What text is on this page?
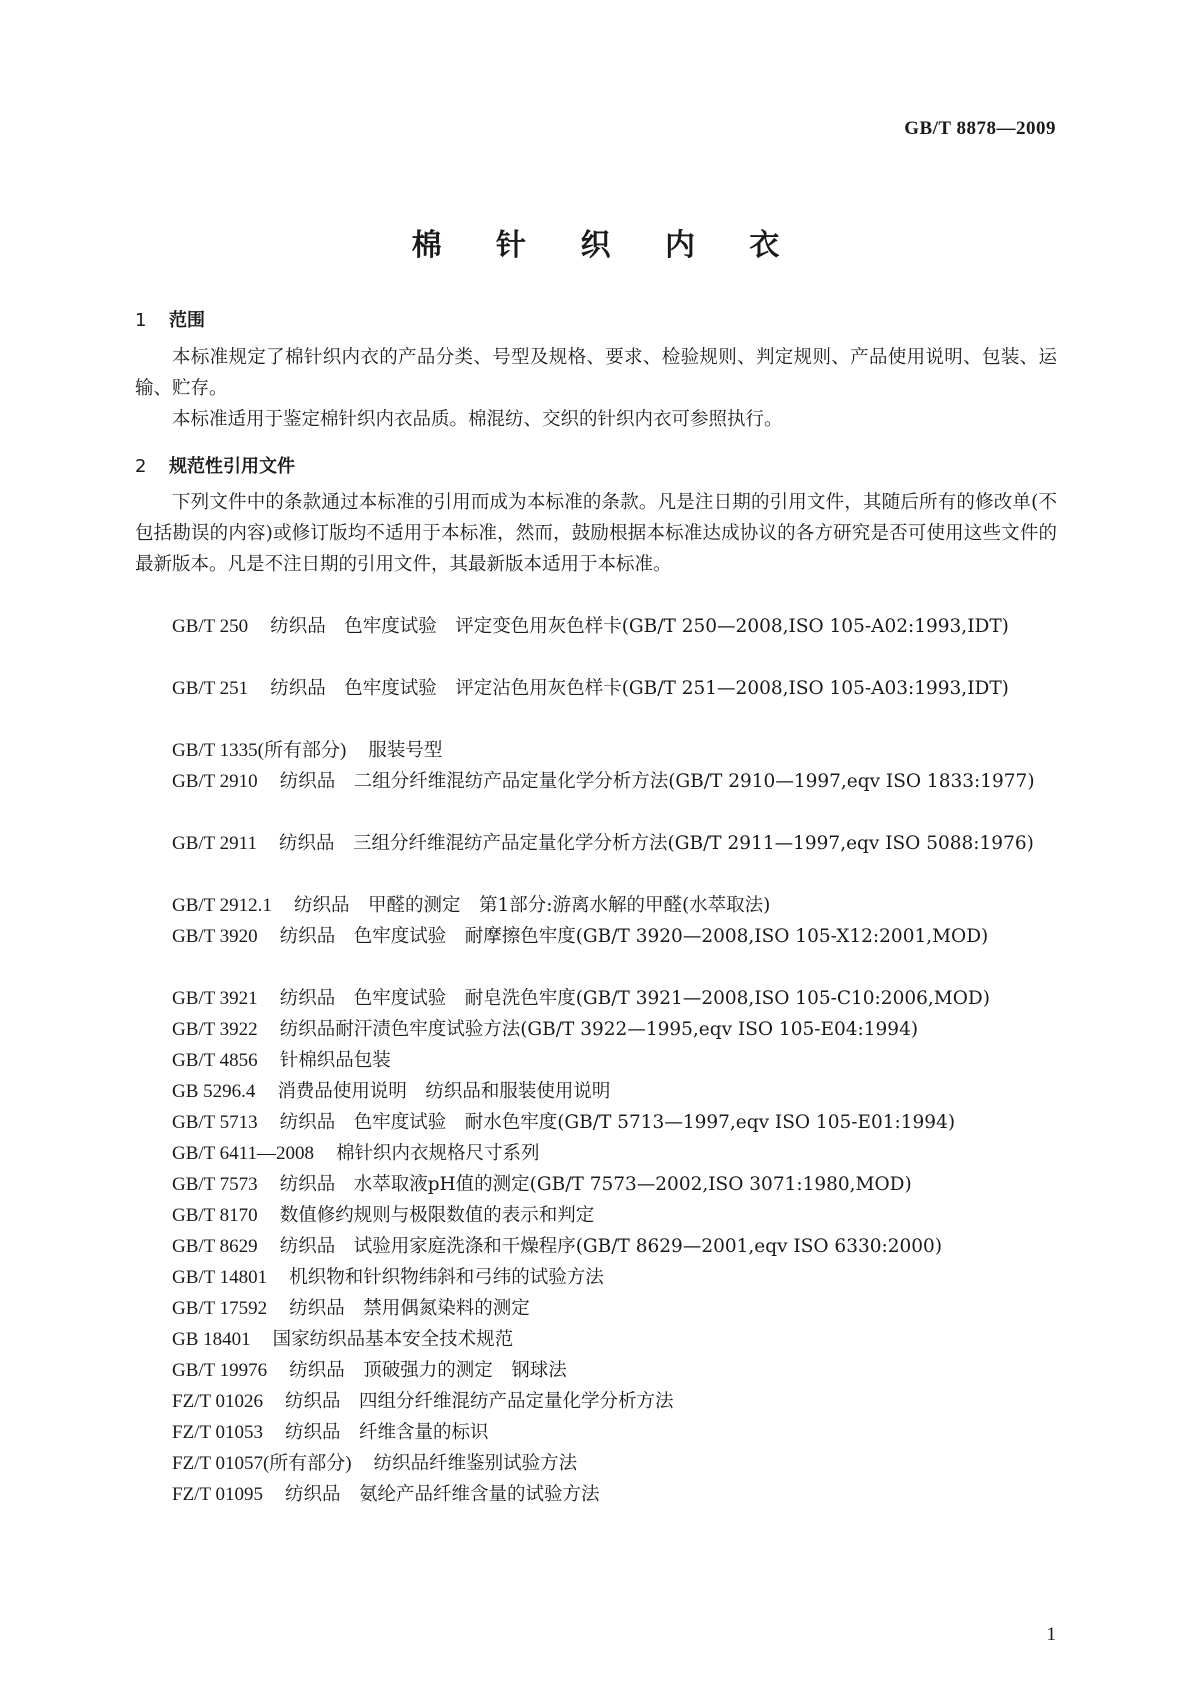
GB/T 8878—2009
棉 针 织 内 衣
1 范围
本标准规定了棉针织内衣的产品分类、号型及规格、要求、检验规则、判定规则、产品使用说明、包装、运输、贮存。
本标准适用于鉴定棉针织内衣品质。棉混纺、交织的针织内衣可参照执行。
2 规范性引用文件
下列文件中的条款通过本标准的引用而成为本标准的条款。凡是注日期的引用文件，其随后所有的修改单(不包括勘误的内容)或修订版均不适用于本标准，然而，鼓励根据本标准达成协议的各方研究是否可使用这些文件的最新版本。凡是不注日期的引用文件，其最新版本适用于本标准。
GB/T 250 纺织品　色牢度试验　评定变色用灰色样卡(GB/T 250—2008,ISO 105-A02:1993,IDT)
GB/T 251 纺织品　色牢度试验　评定沾色用灰色样卡(GB/T 251—2008,ISO 105-A03:1993,IDT)
GB/T 1335(所有部分) 服装号型
GB/T 2910 纺织品　二组分纤维混纺产品定量化学分析方法(GB/T 2910—1997,eqv ISO 1833:1977)
GB/T 2911 纺织品　三组分纤维混纺产品定量化学分析方法(GB/T 2911—1997,eqv ISO 5088:1976)
GB/T 2912.1 纺织品　甲醛的测定　第1部分:游离水解的甲醛(水萃取法)
GB/T 3920 纺织品　色牢度试验　耐摩擦色牢度(GB/T 3920—2008,ISO 105-X12:2001,MOD)
GB/T 3921 纺织品　色牢度试验　耐皂洗色牢度(GB/T 3921—2008,ISO 105-C10:2006,MOD)
GB/T 3922 纺织品耐汗渍色牢度试验方法(GB/T 3922—1995,eqv ISO 105-E04:1994)
GB/T 4856 针棉织品包装
GB 5296.4 消费品使用说明　纺织品和服装使用说明
GB/T 5713 纺织品　色牢度试验　耐水色牢度(GB/T 5713—1997,eqv ISO 105-E01:1994)
GB/T 6411—2008 棉针织内衣规格尺寸系列
GB/T 7573 纺织品　水萃取液pH值的测定(GB/T 7573—2002,ISO 3071:1980,MOD)
GB/T 8170 数值修约规则与极限数值的表示和判定
GB/T 8629 纺织品　试验用家庭洗涤和干燥程序(GB/T 8629—2001,eqv ISO 6330:2000)
GB/T 14801 机织物和针织物纬斜和弓纬的试验方法
GB/T 17592 纺织品　禁用偶氮染料的测定
GB 18401 国家纺织品基本安全技术规范
GB/T 19976 纺织品　顶破强力的测定　钢球法
FZ/T 01026 纺织品　四组分纤维混纺产品定量化学分析方法
FZ/T 01053 纺织品　纤维含量的标识
FZ/T 01057(所有部分) 纺织品纤维鉴别试验方法
FZ/T 01095 纺织品　氨纶产品纤维含量的试验方法
1
